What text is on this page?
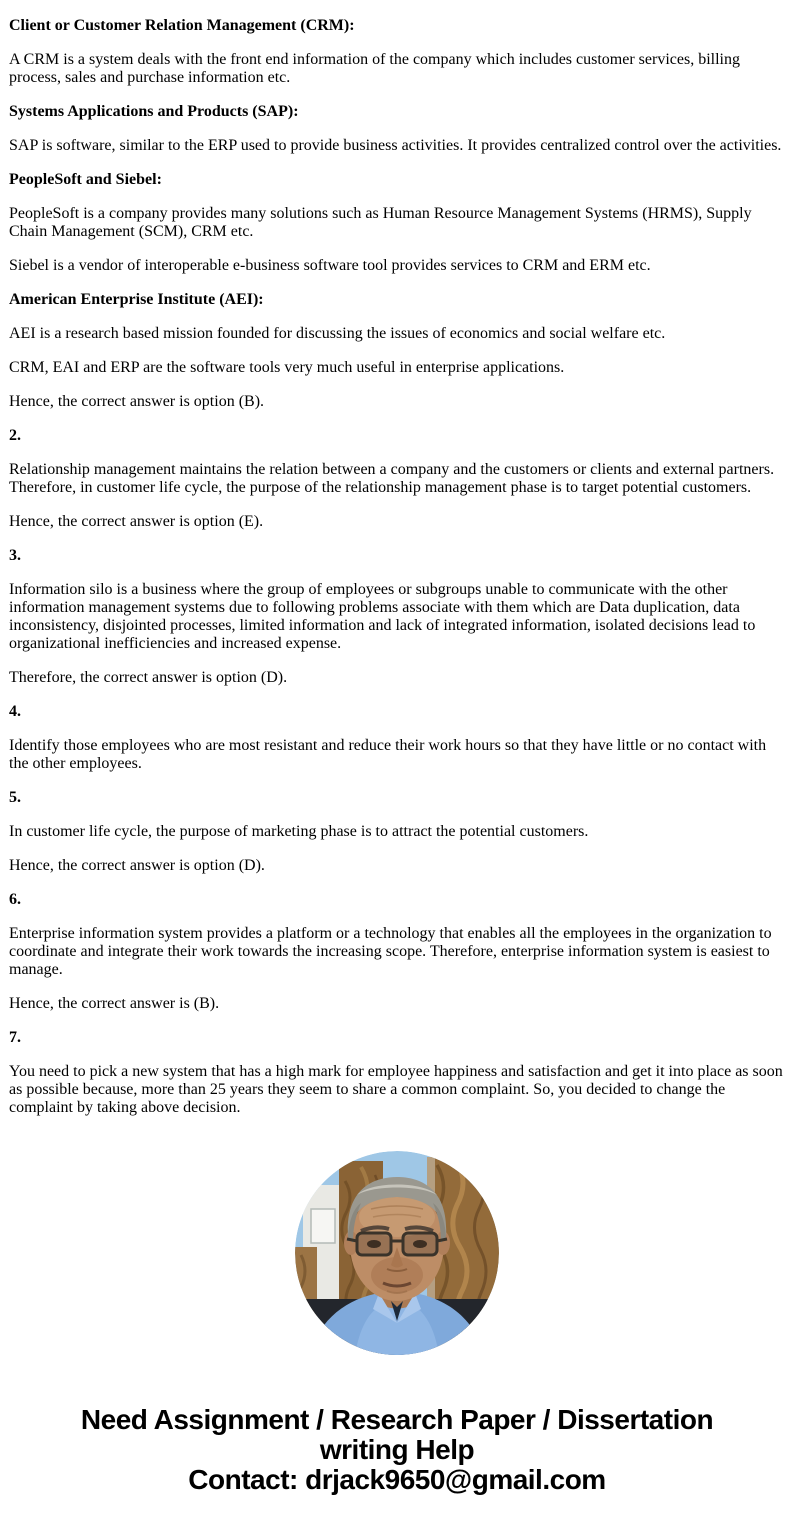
Client or Customer Relation Management (CRM):

A CRM is a system deals with the front end information of the company which includes customer services, billing process, sales and purchase information etc.

Systems Applications and Products (SAP):

SAP is software, similar to the ERP used to provide business activities. It provides centralized control over the activities.

PeopleSoft and Siebel:

PeopleSoft is a company provides many solutions such as Human Resource Management Systems (HRMS), Supply Chain Management (SCM), CRM etc.

Siebel is a vendor of interoperable e-business software tool provides services to CRM and ERM etc.

American Enterprise Institute (AEI):

AEI is a research based mission founded for discussing the issues of economics and social welfare etc.

CRM, EAI and ERP are the software tools very much useful in enterprise applications.

Hence, the correct answer is option (B).

2.

Relationship management maintains the relation between a company and the customers or clients and external partners. Therefore, in customer life cycle, the purpose of the relationship management phase is to target potential customers.

Hence, the correct answer is option (E).

3.

Information silo is a business where the group of employees or subgroups unable to communicate with the other information management systems due to following problems associate with them which are Data duplication, data inconsistency, disjointed processes, limited information and lack of integrated information, isolated decisions lead to organizational inefficiencies and increased expense.

Therefore, the correct answer is option (D).

4.

Identify those employees who are most resistant and reduce their work hours so that they have little or no contact with the other employees.

5.

In customer life cycle, the purpose of marketing phase is to attract the potential customers.

Hence, the correct answer is option (D).

6.

Enterprise information system provides a platform or a technology that enables all the employees in the organization to coordinate and integrate their work towards the increasing scope. Therefore, enterprise information system is easiest to manage.

Hence, the correct answer is (B).

7.

You need to pick a new system that has a high mark for employee happiness and satisfaction and get it into place as soon as possible because, more than 25 years they seem to share a common complaint. So, you decided to change the complaint by taking above decision.

Need Assignment / Research Paper / Dissertation
writing Help
Contact: drjack9650@gmail.com
